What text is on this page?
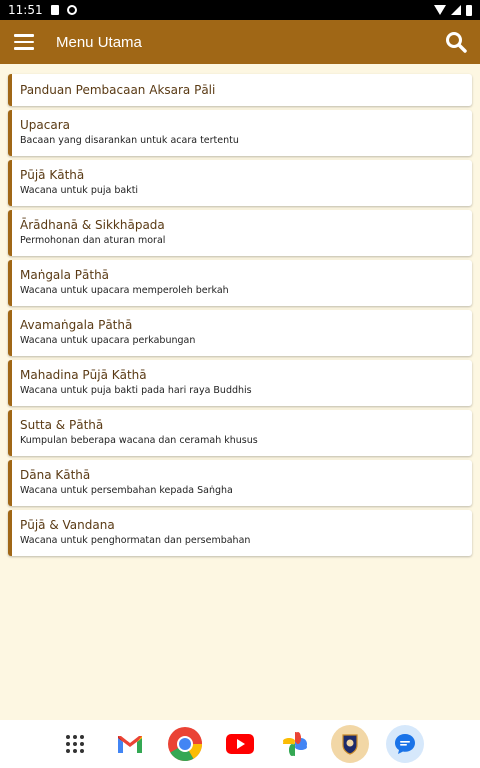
11:51
Menu Utama
Panduan Pembacaan Aksara Pāli
Upacara
Bacaan yang disarankan untuk acara tertentu
Pūjā Kāthā
Wacana untuk puja bakti
Ārādhanā & Sikkhāpada
Permohonan dan aturan moral
Maṅgala Pāthā
Wacana untuk upacara memperoleh berkah
Avamaṅgala Pāthā
Wacana untuk upacara perkabungan
Mahadina Pūjā Kāthā
Wacana untuk puja bakti pada hari raya Buddhis
Sutta & Pāthā
Kumpulan beberapa wacana dan ceramah khusus
Dāna Kāthā
Wacana untuk persembahan kepada Saṅgha
Pūjā & Vandana
Wacana untuk penghormatan dan persembahan
